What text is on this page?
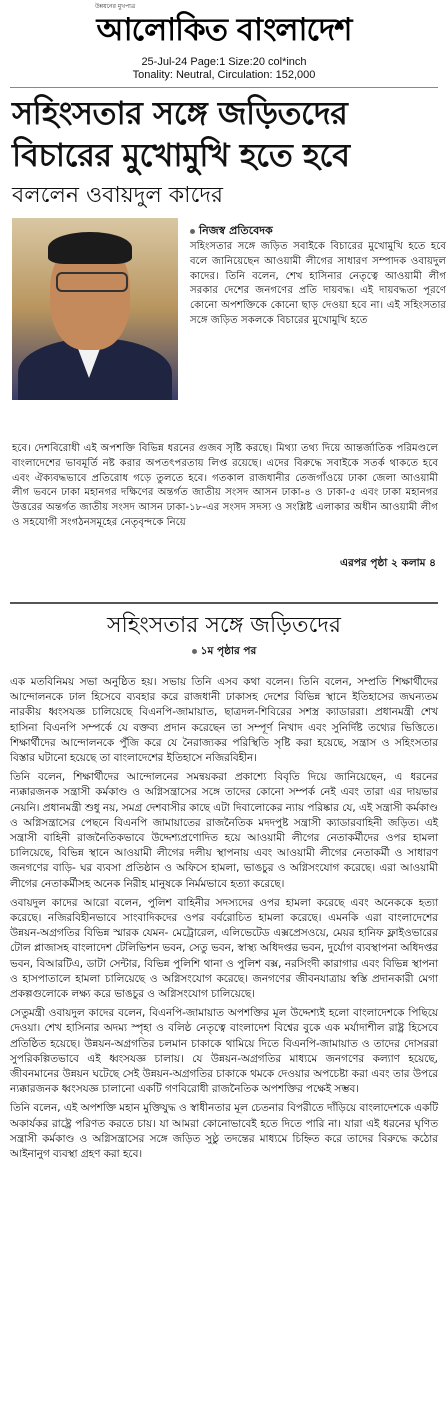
উন্নয়নের মুখপাত্র
আলোকিত বাংলাদেশ
25-Jul-24 Page:1 Size:20 col*inch
Tonality: Neutral, Circulation: 152,000
সহিংসতার সঙ্গে জড়িতদের
বিচারের মুখোমুখি হতে হবে
বললেন ওবায়দুল কাদের
নিজস্ব প্রতিবেদক
সহিংসতার সঙ্গে জড়িত সবাইকে বিচারের মুখোমুখি হতে হবে বলে জানিয়েছেন আওয়ামী লীগের সাধারণ সম্পাদক ওবায়দুল কাদের। তিনি বলেন, শেখ হাসিনার নেতৃত্বে আওয়ামী লীগ সরকার দেশের জনগণের প্রতি দায়বদ্ধ। এই দায়বদ্ধতা পূরণে কোনো অপশক্তিকে কোনো ছাড় দেওয়া হবে না। এই সহিংসতার সঙ্গে জড়িত সকলকে বিচারের মুখোমুখি হতে
হবে। দেশবিরোধী এই অপশক্তি বিভিন্ন ধরনের গুজব সৃষ্টি করছে। মিথ্যা তথ্য দিয়ে আন্তর্জাতিক পরিমণ্ডলে বাংলাদেশের ভাবমূর্তি নষ্ট করার অপতৎপরতায় লিপ্ত রয়েছে। এদের বিরুদ্ধে সবাইকে সতর্ক থাকতে হবে এবং ঐক্যবদ্ধভাবে প্রতিরোধ গড়ে তুলতে হবে। গতকাল রাজধানীর তেজগাঁওয়ে ঢাকা জেলা আওয়ামী লীগ ভবনে ঢাকা মহানগর দক্ষিণের অন্তর্গত জাতীয় সংসদ আসন ঢাকা-৪ ও ঢাকা-৫ এবং ঢাকা মহানগর উত্তরের অন্তর্গত জাতীয় সংসদ আসন ঢাকা-১৮-এর সংসদ সদস্য ও সংশ্লিষ্ট এলাকার অধীন আওয়ামী লীগ ও সহযোগী সংগঠনসমূহের নেতৃবৃন্দকে নিয়ে
এরপর পৃষ্ঠা ২ কলাম ৪
সহিংসতার সঙ্গে জড়িতদের
১ম পৃষ্ঠার পর

এক মতবিনিময় সভা অনুষ্ঠিত হয়। সভায় তিনি এসব কথা বলেন। তিনি বলেন, সম্প্রতি শিক্ষার্থীদের আন্দোলনকে ঢাল হিসেবে ব্যবহার করে রাজধানী ঢাকাসহ দেশের বিভিন্ন স্থানে ইতিহাসের জঘন্যতম নারকীয় ধ্বংসযজ্ঞ চালিয়েছে বিএনপি-জামায়াত, ছাত্রদল-শিবিরের সশস্ত্র ক্যাডাররা। প্রধানমন্ত্রী শেখ হাসিনা বিএনপি সম্পর্কে যে বক্তব্য প্রদান করেছেন তা সম্পূর্ণ নিখাদ এবং সুনির্দিষ্ট তথ্যের ভিত্তিতে। শিক্ষার্থীদের আন্দোলনকে পুঁজি করে যে নৈরাজ্যকর পরিস্থিতি সৃষ্টি করা হয়েছে, সন্ত্রাস ও সহিংসতার বিস্তার ঘটানো হয়েছে তা বাংলাদেশের ইতিহাসে নজিরবিহীন।

তিনি বলেন, শিক্ষার্থীদের আন্দোলনের সমন্বয়করা প্রকাশ্যে বিবৃতি দিয়ে জানিয়েছেন, এ ধরনের ন্যক্কারজনক সন্ত্রাসী কর্মকাণ্ড ও অগ্নিসন্ত্রাসের সঙ্গে তাদের কোনো সম্পর্ক নেই এবং তারা এর দায়ভার নেয়নি। প্রধানমন্ত্রী শুধু নয়, সমগ্র দেশবাসীর কাছে এটা দিবালোকের ন্যায় পরিষ্কার যে, এই সন্ত্রাসী কর্মকাণ্ড ও অগ্নিসন্ত্রাসের পেছনে বিএনপি জামায়াতের রাজনৈতিক মদদপুষ্ট সন্ত্রাসী ক্যাডারবাহিনী জড়িত। এই সন্ত্রাসী বাহিনী রাজনৈতিকভাবে উদ্দেশ্যপ্রণোদিত হয়ে আওয়ামী লীগের নেতাকর্মীদের ওপর হামলা চালিয়েছে, বিভিন্ন স্থানে আওয়ামী লীগের দলীয় স্থাপনায় এবং আওয়ামী লীগের নেতাকর্মী ও সাধারণ জনগণের বাড়ি- ঘর ব্যবসা প্রতিষ্ঠান ও অফিসে হামলা, ভাঙচুর ও অগ্নিসংযোগ করেছে। এরা আওয়ামী লীগের নেতাকর্মীসহ অনেক নিরীহ মানুষকে নির্মমভাবে হত্যা করেছে।

ওবায়দুল কাদের আরো বলেন, পুলিশ বাহিনীর সদস্যদের ওপর হামলা করেছে এবং অনেককে হত্যা করেছে। নজিরবিহীনভাবে সাংবাদিকদের ওপর বর্বরোচিত হামলা করেছে। এমনকি এরা বাংলাদেশের উন্নয়ন-অগ্রগতির বিভিন্ন স্মারক যেমন- মেট্রোরেল, এলিভেটেড এক্সপ্রেসওয়ে, মেয়র হানিফ ফ্লাইওভারের টোল প্লাজাসহ বাংলাদেশ টেলিভিশন ভবন, সেতু ভবন, স্বাস্থ্য অধিদপ্তর ভবন, দুর্যোগ ব্যবস্থাপনা অধিদপ্তর ভবন, বিআরটিএ, ডাটা সেন্টার, বিভিন্ন পুলিশি থানা ও পুলিশ বক্স, নরসিংদী কারাগার এবং বিভিন্ন স্থাপনা ও হাসপাতালে হামলা চালিয়েছে ও অগ্নিসংযোগ করেছে। জনগণের জীবনযাত্রায় স্বস্তি প্রদানকারী মেগা প্রকল্পগুলোকে লক্ষ্য করে ভাঙচুর ও অগ্নিসংযোগ চালিয়েছে।

সেতুমন্ত্রী ওবায়দুল কাদের বলেন, বিএনপি-জামায়াত অপশক্তির মূল উদ্দেশ্যই হলো বাংলাদেশকে পিছিয়ে দেওয়া। শেখ হাসিনার অদম্য স্পৃহা ও বলিষ্ঠ নেতৃত্বে বাংলাদেশ বিশ্বের বুকে এক মর্যাদাশীল রাষ্ট্র হিসেবে প্রতিষ্ঠিত হয়েছে। উন্নয়ন-অগ্রগতির চলমান চাকাকে থামিয়ে দিতে বিএনপি-জামায়াত ও তাদের দোসররা সুপরিকল্পিতভাবে এই ধ্বংসযজ্ঞ চালায়। যে উন্নয়ন-অগ্রগতির মাধ্যমে জনগণের কল্যাণ হয়েছে, জীবনমানের উন্নয়ন ঘটেছে সেই উন্নয়ন-অগ্রগতির চাকাকে থমকে দেওয়ার অপচেষ্টা করা এবং তার উপরে ন্যক্কারজনক ধ্বংসযজ্ঞ চালানো একটি গণবিরোধী রাজনৈতিক অপশক্তির পক্ষেই সম্ভব।

তিনি বলেন, এই অপশক্তি মহান মুক্তিযুদ্ধ ও স্বাধীনতার মূল চেতনার বিপরীতে দাঁড়িয়ে বাংলাদেশকে একটি অকার্যকর রাষ্ট্রে পরিণত করতে চায়। যা আমরা কোনোভাবেই হতে দিতে পারি না। যারা এই ধরনের ঘৃণিত সন্ত্রাসী কর্মকাণ্ড ও অগ্নিসন্ত্রাসের সঙ্গে জড়িত সুষ্ঠু তদন্তের মাধ্যমে চিহ্নিত করে তাদের বিরুদ্ধে কঠোর আইনানুগ ব্যবস্থা গ্রহণ করা হবে।
